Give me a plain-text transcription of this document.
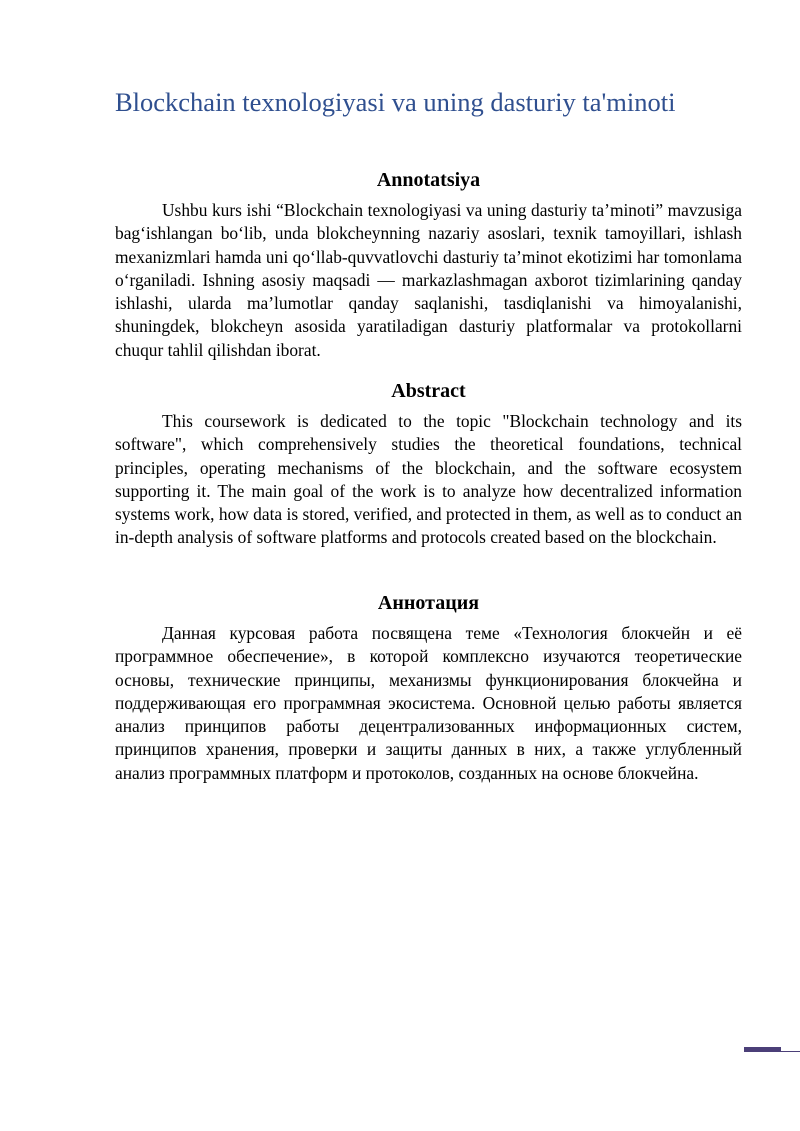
Blockchain texnologiyasi va uning dasturiy ta'minoti
Annotatsiya

Ushbu kurs ishi “Blockchain texnologiyasi va uning dasturiy ta’minoti” mavzusiga bag‘ishlangan bo‘lib, unda blokcheynning nazariy asoslari, texnik tamoyillari, ishlash mexanizmlari hamda uni qo‘llab-quvvatlovchi dasturiy ta’minot ekotizimi har tomonlama o‘rganiladi. Ishning asosiy maqsadi — markazlashmagan axborot tizimlarining qanday ishlashi, ularda ma’lumotlar qanday saqlanishi, tasdiqlanishi va himoyalanishi, shuningdek, blokcheyn asosida yaratiladigan dasturiy platformalar va protokollarni chuqur tahlil qilishdan iborat.

Abstract

This coursework is dedicated to the topic "Blockchain technology and its software", which comprehensively studies the theoretical foundations, technical principles, operating mechanisms of the blockchain, and the software ecosystem supporting it. The main goal of the work is to analyze how decentralized information systems work, how data is stored, verified, and protected in them, as well as to conduct an in-depth analysis of software platforms and protocols created based on the blockchain.

Аннотация

Данная курсовая работа посвящена теме «Технология блокчейн и её программное обеспечение», в которой комплексно изучаются теоретические основы, технические принципы, механизмы функционирования блокчейна и поддерживающая его программная экосистема. Основной целью работы является анализ принципов работы децентрализованных информационных систем, принципов хранения, проверки и защиты данных в них, а также углубленный анализ программных платформ и протоколов, созданных на основе блокчейна.
